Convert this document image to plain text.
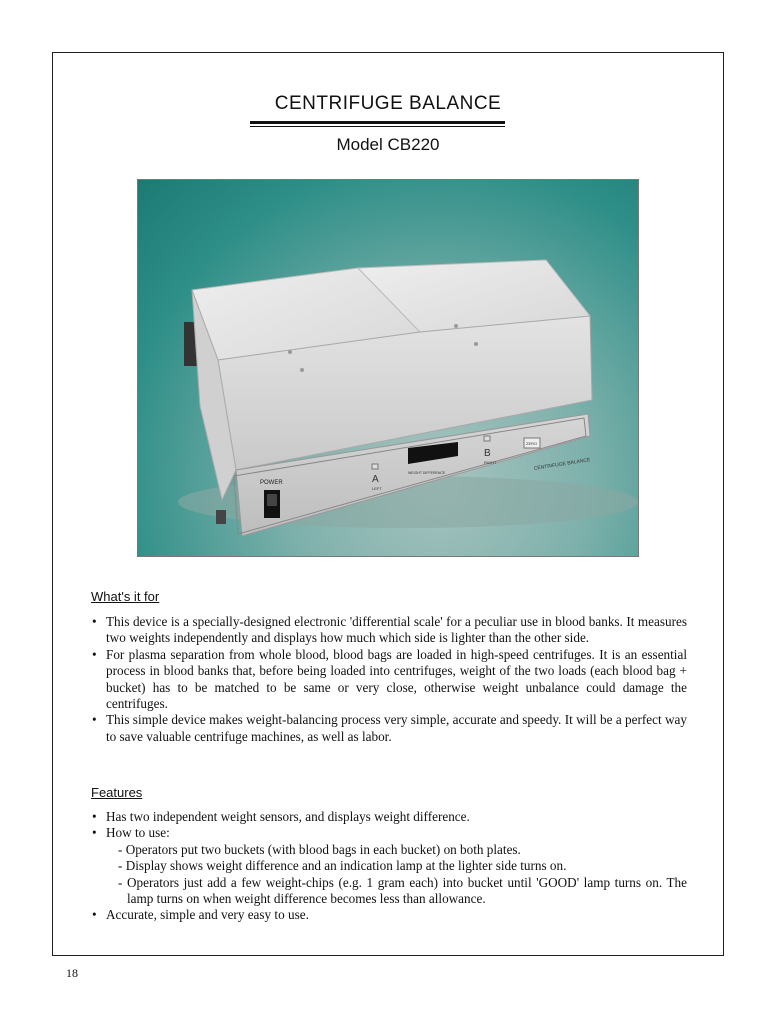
CENTRIFUGE BALANCE
Model CB220
POWER	A
LEFT
WEIGHT DIFFERENCE
B
RIGHT
ZERO
CENTRIFUGE BALANCE
What's it for
• This device is a specially-designed electronic 'differential scale' for a peculiar use in blood banks. It measures two weights independently and displays how much which side is lighter than the other side.
• For plasma separation from whole blood, blood bags are loaded in high-speed centrifuges. It is an essential process in blood banks that, before being loaded into centrifuges, weight of the two loads (each blood bag + bucket) has to be matched to be same or very close, otherwise weight unbalance could damage the centrifuges.
• This simple device makes weight-balancing process very simple, accurate and speedy. It will be a perfect way to save valuable centrifuge machines, as well as labor.
Features
• Has two independent weight sensors, and displays weight difference.
• How to use:
- Operators put two buckets (with blood bags in each bucket) on both plates.
- Display shows weight difference and an indication lamp at the lighter side turns on.
- Operators just add a few weight-chips (e.g. 1 gram each) into bucket until 'GOOD' lamp turns on. The lamp turns on when weight difference becomes less than allowance.
• Accurate, simple and very easy to use.
18
